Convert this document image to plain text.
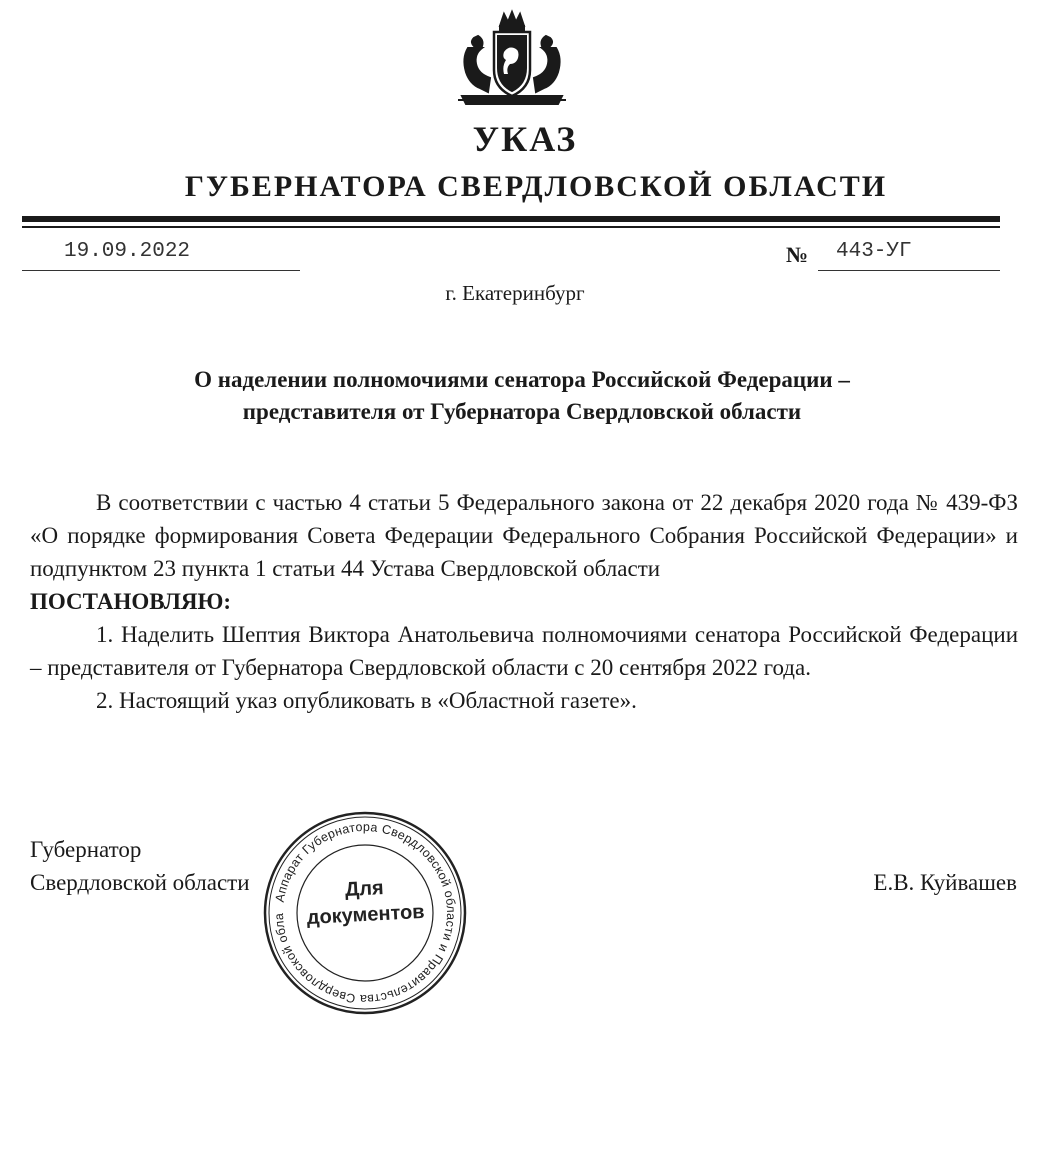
УКАЗ
ГУБЕРНАТОРА СВЕРДЛОВСКОЙ ОБЛАСТИ
19.09.2022	№ 443-УГ

г. Екатеринбург

О наделении полномочиями сенатора Российской Федерации –
представителя от Губернатора Свердловской области

В соответствии с частью 4 статьи 5 Федерального закона от 22 декабря 2020 года № 439-ФЗ «О порядке формирования Совета Федерации Федерального Собрания Российской Федерации» и подпунктом 23 пункта 1 статьи 44 Устава Свердловской области

ПОСТАНОВЛЯЮ:

1. Наделить Шептия Виктора Анатольевича полномочиями сенатора Российской Федерации – представителя от Губернатора Свердловской области с 20 сентября 2022 года.

2. Настоящий указ опубликовать в «Областной газете».

Губернатор
Свердловской области	Е.В. Куйвашев
Аппарат Губернатора Свердловской области и Правительства Свердловской обла
Для
документов
